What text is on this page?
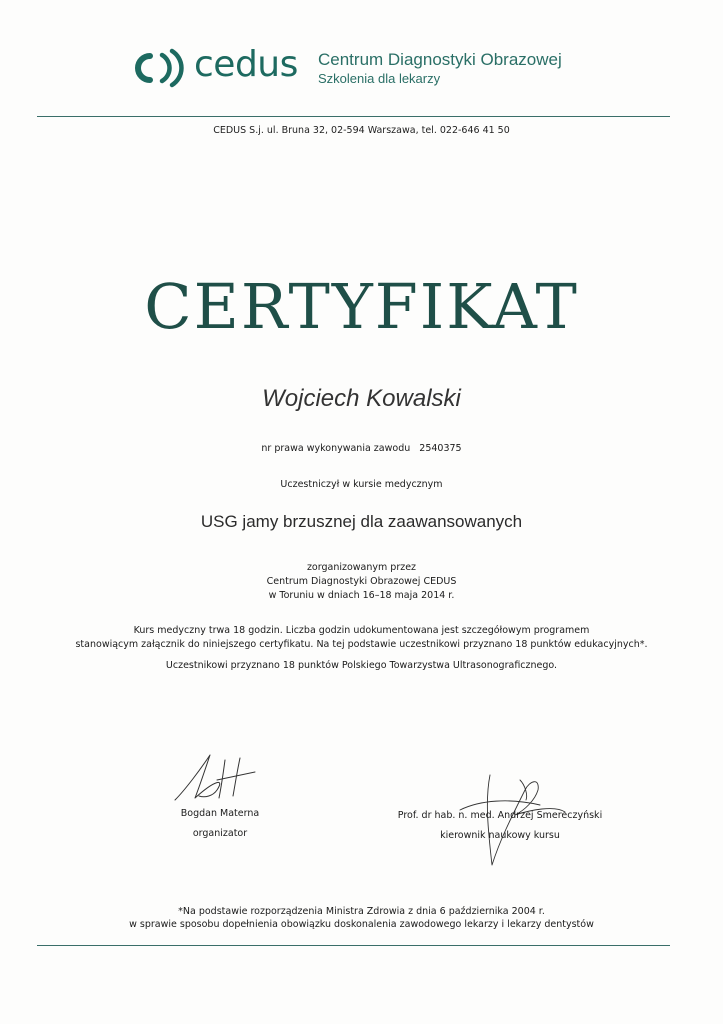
cedus Centrum Diagnostyki Obrazowej
Szkolenia dla lekarzy
CEDUS S.j. ul. Bruna 32, 02-594 Warszawa, tel. 022-646 41 50
CERTYFIKAT
Wojciech Kowalski
nr prawa wykonywania zawodu 2540375
Uczestniczył w kursie medycznym
USG jamy brzusznej dla zaawansowanych
zorganizowanym przez
Centrum Diagnostyki Obrazowej CEDUS
w Toruniu w dniach 16–18 maja 2014 r.
Kurs medyczny trwa 18 godzin. Liczba godzin udokumentowana jest szczegółowym programem
stanowiącym załącznik do niniejszego certyfikatu. Na tej podstawie uczestnikowi przyznano 18 punktów edukacyjnych*.
Uczestnikowi przyznano 18 punktów Polskiego Towarzystwa Ultrasonograficznego.
Bogdan Materna
organizator
Prof. dr hab. n. med. Andrzej Smereczyński
kierownik naukowy kursu
*Na podstawie rozporządzenia Ministra Zdrowia z dnia 6 października 2004 r.
w sprawie sposobu dopełnienia obowiązku doskonalenia zawodowego lekarzy i lekarzy dentystów
